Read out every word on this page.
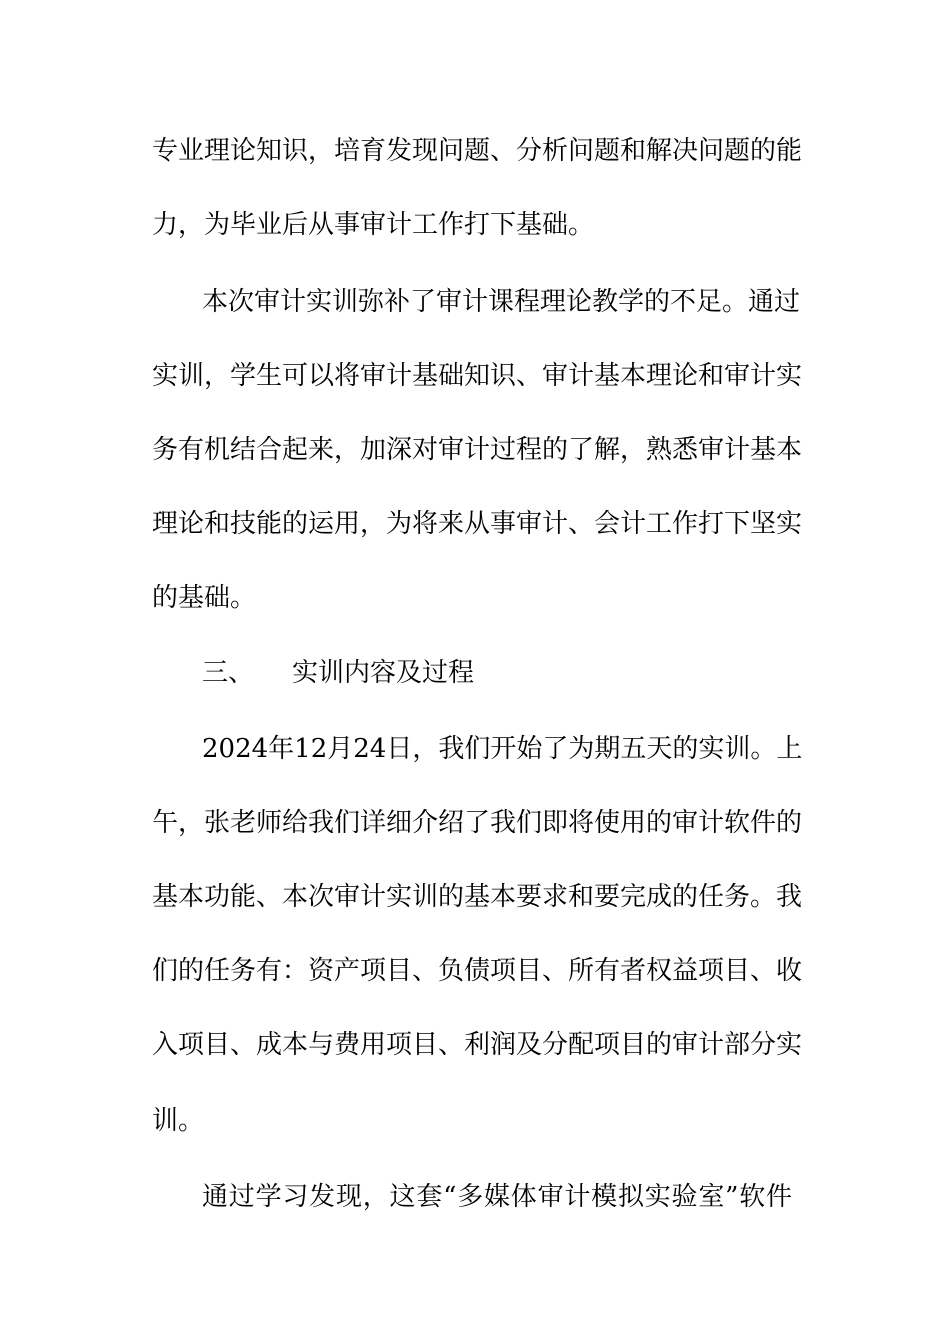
专业理论知识，培育发现问题、分析问题和解决问题的能
力，为毕业后从事审计工作打下基础。
本次审计实训弥补了审计课程理论教学的不足。通过
实训，学生可以将审计基础知识、审计基本理论和审计实
务有机结合起来，加深对审计过程的了解，熟悉审计基本
理论和技能的运用，为将来从事审计、会计工作打下坚实
的基础。
三、 实训内容及过程
2024年12月24日，我们开始了为期五天的实训。上
午，张老师给我们详细介绍了我们即将使用的审计软件的
基本功能、本次审计实训的基本要求和要完成的任务。我
们的任务有：资产项目、负债项目、所有者权益项目、收
入项目、成本与费用项目、利润及分配项目的审计部分实
训。
通过学习发现，这套“多媒体审计模拟实验室”软件
